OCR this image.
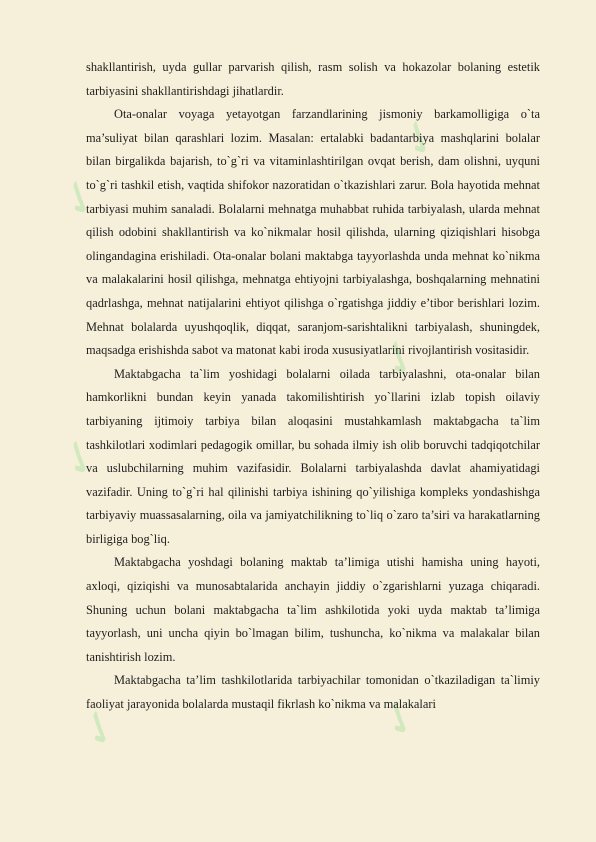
✓
✓
✓
✓
✓	✓

shakllantirish, uyda gullar parvarish qilish, rasm solish va hokazolar bolaning estetik tarbiyasini shakllantirishdagi jihatlardir.

Ota-onalar voyaga yetayotgan farzandlarining jismoniy barkamolligiga o`ta ma’suliyat bilan qarashlari lozim. Masalan: ertalabki badantarbiya mashqlarini bolalar bilan birgalikda bajarish, to`g`ri va vitaminlashtirilgan ovqat berish, dam olishni, uyquni to`g`ri tashkil etish, vaqtida shifokor nazoratidan o`tkazishlari zarur. Bola hayotida mehnat tarbiyasi muhim sanaladi. Bolalarni mehnatga muhabbat ruhida tarbiyalash, ularda mehnat qilish odobini shakllantirish va ko`nikmalar hosil qilishda, ularning qiziqishlari hisobga olingandagina erishiladi. Ota-onalar bolani maktabga tayyorlashda unda mehnat ko`nikma va malakalarini hosil qilishga, mehnatga ehtiyojni tarbiyalashga, boshqalarning mehnatini qadrlashga, mehnat natijalarini ehtiyot qilishga o`rgatishga jiddiy e’tibor berishlari lozim. Mehnat bolalarda uyushqoqlik, diqqat, saranjom-sarishtalikni tarbiyalash, shuningdek, maqsadga erishishda sabot va matonat kabi iroda xususiyatlarini rivojlantirish vositasidir.

Maktabgacha ta`lim yoshidagi bolalarni oilada tarbiyalashni, ota-onalar bilan hamkorlikni bundan keyin yanada takomilishtirish yo`llarini izlab topish oilaviy tarbiyaning ijtimoiy tarbiya bilan aloqasini mustahkamlash maktabgacha ta`lim tashkilotlari xodimlari pedagogik omillar, bu sohada ilmiy ish olib boruvchi tadqiqotchilar va uslubchilarning muhim vazifasidir. Bolalarni tarbiyalashda davlat ahamiyatidagi vazifadir. Uning to`g`ri hal qilinishi tarbiya ishining qo`yilishiga kompleks yondashishga tarbiyaviy muassasalarning, oila va jamiyatchilikning to`liq o`zaro ta’siri va harakatlarning birligiga bog`liq.

Maktabgacha yoshdagi bolaning maktab ta’limiga utishi hamisha uning hayoti, axloqi, qiziqishi va munosabtalarida anchayin jiddiy o`zgarishlarni yuzaga chiqaradi. Shuning uchun bolani maktabgacha ta`lim ashkilotida yoki uyda maktab ta’limiga tayyorlash, uni uncha qiyin bo`lmagan bilim, tushuncha, ko`nikma va malakalar bilan tanishtirish lozim.

Maktabgacha ta’lim tashkilotlarida tarbiyachilar tomonidan o`tkaziladigan ta`limiy faoliyat jarayonida bolalarda mustaqil fikrlash ko`nikma va malakalari
